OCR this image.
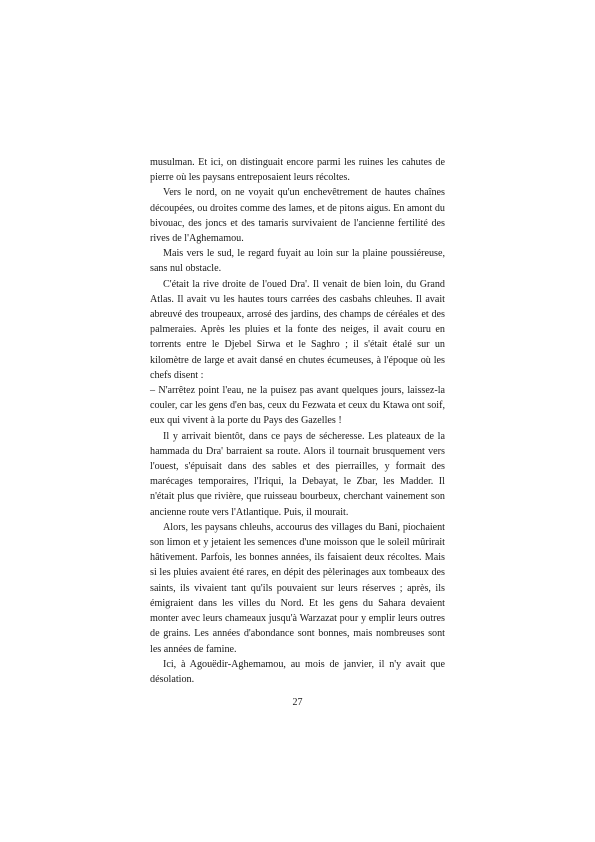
musulman. Et ici, on distinguait encore parmi les ruines les cahutes de pierre où les paysans entreposaient leurs récoltes.

Vers le nord, on ne voyait qu'un enchevêtrement de hautes chaînes découpées, ou droites comme des lames, et de pitons aigus. En amont du bivouac, des joncs et des tamaris survivaient de l'ancienne fertilité des rives de l'Aghemamou.

Mais vers le sud, le regard fuyait au loin sur la plaine poussiéreuse, sans nul obstacle.

C'était la rive droite de l'oued Dra'. Il venait de bien loin, du Grand Atlas. Il avait vu les hautes tours carrées des casbahs chleuhes. Il avait abreuvé des troupeaux, arrosé des jardins, des champs de céréales et des palmeraies. Après les pluies et la fonte des neiges, il avait couru en torrents entre le Djebel Sirwa et le Saghro ; il s'était étalé sur un kilomètre de large et avait dansé en chutes écumeuses, à l'époque où les chefs disent :

– N'arrêtez point l'eau, ne la puisez pas avant quelques jours, laissez-la couler, car les gens d'en bas, ceux du Fezwata et ceux du Ktawa ont soif, eux qui vivent à la porte du Pays des Gazelles !

Il y arrivait bientôt, dans ce pays de sécheresse. Les plateaux de la hammada du Dra' barraient sa route. Alors il tournait brusquement vers l'ouest, s'épuisait dans des sables et des pierrailles, y formait des marécages temporaires, l'Iriqui, la Debayat, le Zbar, les Madder. Il n'était plus que rivière, que ruisseau bourbeux, cherchant vainement son ancienne route vers l'Atlantique. Puis, il mourait.

Alors, les paysans chleuhs, accourus des villages du Bani, piochaient son limon et y jetaient les semences d'une moisson que le soleil mûrirait hâtivement. Parfois, les bonnes années, ils faisaient deux récoltes. Mais si les pluies avaient été rares, en dépit des pèlerinages aux tombeaux des saints, ils vivaient tant qu'ils pouvaient sur leurs réserves ; après, ils émigraient dans les villes du Nord. Et les gens du Sahara devaient monter avec leurs chameaux jusqu'à Warzazat pour y emplir leurs outres de grains. Les années d'abondance sont bonnes, mais nombreuses sont les années de famine.

Ici, à Agouëdir-Aghemamou, au mois de janvier, il n'y avait que désolation.

27
